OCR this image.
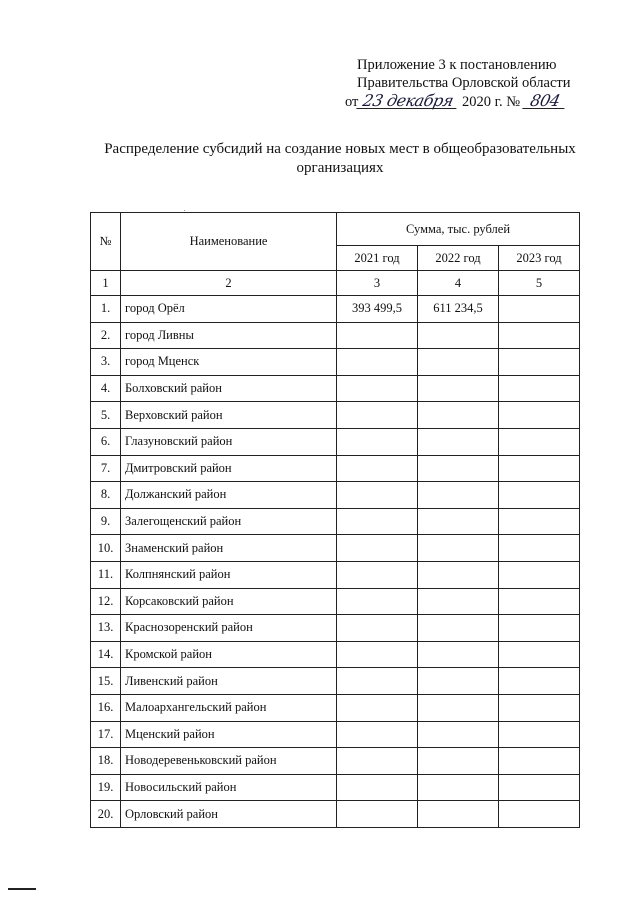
Приложение 3 к постановлению
Правительства Орловской области
от 23 декабря 2020 г. № 804
Распределение субсидий на создание новых мест в общеобразовательных организациях
№	Наименование	Сумма, тыс. рублей		
		2021 год	2022 год	2023 год
1	2	3	4	5
1.	город Орёл	393 499,5	611 234,5	
2.	город Ливны			
3.	город Мценск			
4.	Болховский район			
5.	Верховский район			
6.	Глазуновский район			
7.	Дмитровский район			
8.	Должанский район			
9.	Залегощенский район			
10.	Знаменский район			
11.	Колпнянский район			
12.	Корсаковский район			
13.	Краснозоренский район			
14.	Кромской район			
15.	Ливенский район			
16.	Малоархангельский район			
17.	Мценский район			
18.	Новодеревеньковский район			
19.	Новосильский район			
20.	Орловский район			
